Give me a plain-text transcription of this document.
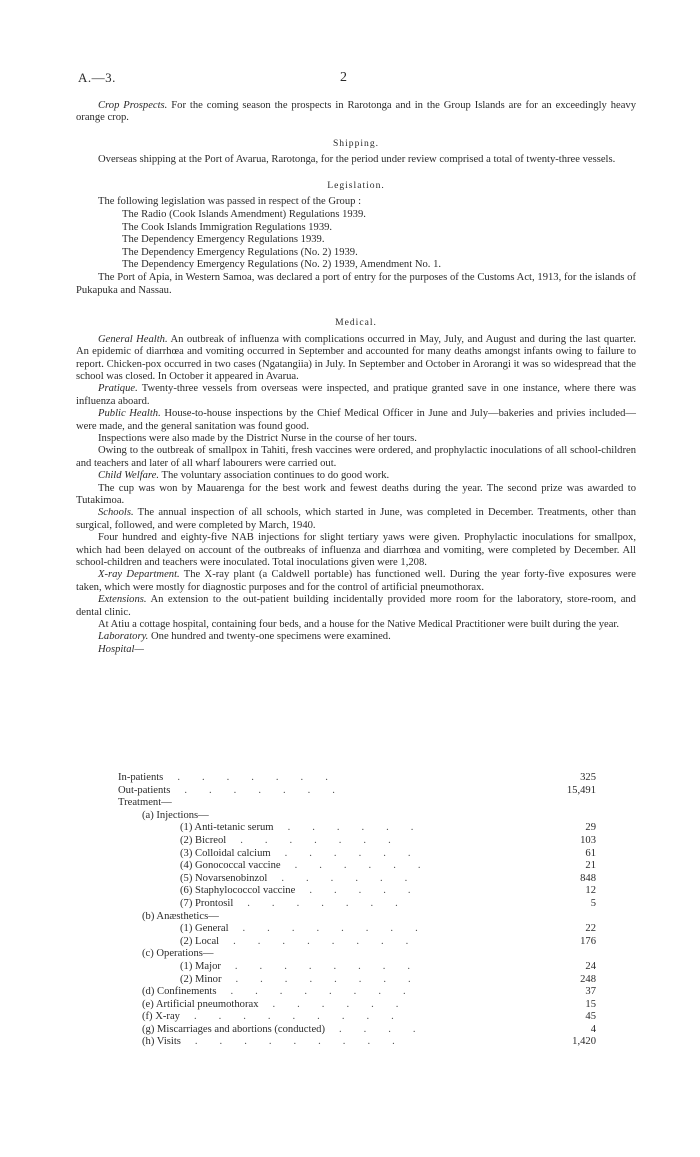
A.—3.	2

Crop Prospects. For the coming season the prospects in Rarotonga and in the Group Islands are for an exceedingly heavy orange crop.

Shipping.

Overseas shipping at the Port of Avarua, Rarotonga, for the period under review comprised a total of twenty-three vessels.

Legislation.

The following legislation was passed in respect of the Group :

The Radio (Cook Islands Amendment) Regulations 1939.
The Cook Islands Immigration Regulations 1939.
The Dependency Emergency Regulations 1939.
The Dependency Emergency Regulations (No. 2) 1939.
The Dependency Emergency Regulations (No. 2) 1939, Amendment No. 1.

The Port of Apia, in Western Samoa, was declared a port of entry for the purposes of the Customs Act, 1913, for the islands of Pukapuka and Nassau.

Medical.

General Health. An outbreak of influenza with complications occurred in May, July, and August and during the last quarter. An epidemic of diarrhœa and vomiting occurred in September and accounted for many deaths amongst infants owing to failure to report. Chicken-pox occurred in two cases (Ngatangiia) in July. In September and October in Arorangi it was so widespread that the school was closed. In October it appeared in Avarua.

Pratique. Twenty-three vessels from overseas were inspected, and pratique granted save in one instance, where there was influenza aboard.

Public Health. House-to-house inspections by the Chief Medical Officer in June and July—bakeries and privies included—were made, and the general sanitation was found good.

Inspections were also made by the District Nurse in the course of her tours.

Owing to the outbreak of smallpox in Tahiti, fresh vaccines were ordered, and prophylactic inoculations of all school-children and teachers and later of all wharf labourers were carried out.

Child Welfare. The voluntary association continues to do good work.

The cup was won by Mauarenga for the best work and fewest deaths during the year. The second prize was awarded to Tutakimoa.

Schools. The annual inspection of all schools, which started in June, was completed in December. Treatments, other than surgical, followed, and were completed by March, 1940.

Four hundred and eighty-five NAB injections for slight tertiary yaws were given. Prophylactic inoculations for smallpox, which had been delayed on account of the outbreaks of influenza and diarrhœa and vomiting, were completed by December. All school-children and teachers were inoculated. Total inoculations given were 1,208.

X-ray Department. The X-ray plant (a Caldwell portable) has functioned well. During the year forty-five exposures were taken, which were mostly for diagnostic purposes and for the control of artificial pneumothorax.

Extensions. An extension to the out-patient building incidentally provided more room for the laboratory, store-room, and dental clinic.

At Atiu a cottage hospital, containing four beds, and a house for the Native Medical Practitioner were built during the year.

Laboratory. One hundred and twenty-one specimens were examined.

Hospital—

In-patients	.......	325
Out-patients	.......	15,491
Treatment—
(a) Injections—
(1) Anti-tetanic serum	......	29
(2) Bicreol	.......	103
(3) Colloidal calcium	......	61
(4) Gonococcal vaccine	......	21
(5) Novarsenobinzol	......	848
(6) Staphylococcol vaccine	.....	12
(7) Prontosil	.......	5
(b) Anæsthetics—
(1) General	........	22
(2) Local	........	176
(c) Operations—
(1) Major	........	24
(2) Minor	........	248
(d) Confinements	........	37
(e) Artificial pneumothorax	......	15
(f) X-ray	.........	45
(g) Miscarriages and abortions (conducted)	....	4
(h) Visits	.........	1,420
